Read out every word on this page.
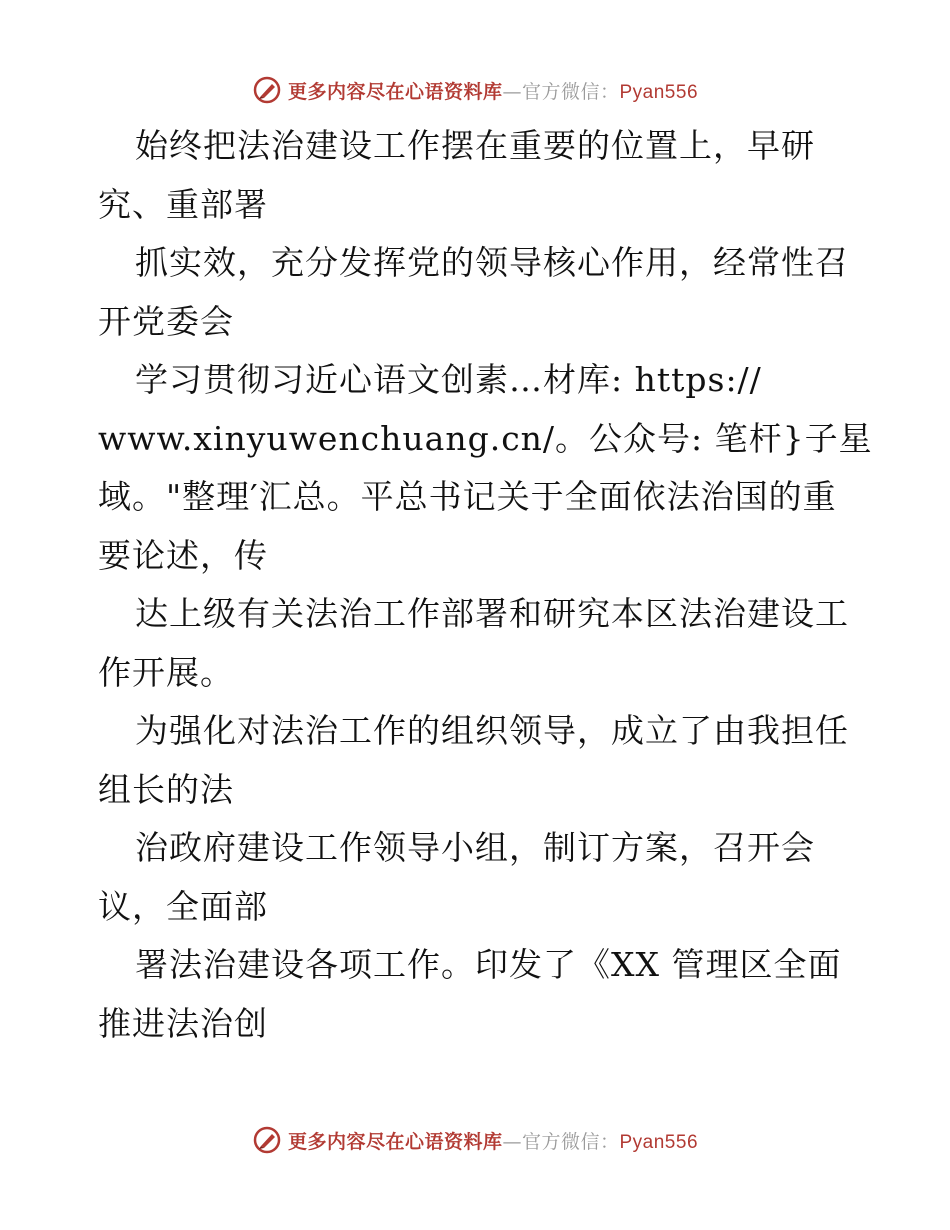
更多内容尽在心语资料库—官方微信：Pyan556
始终把法治建设工作摆在重要的位置上，早研
究、重部署
抓实效，充分发挥党的领导核心作用，经常性召
开党委会
学习贯彻习近心语文创素…材库: https://
www.xinyuwenchuang.cn/。公众号: 笔杆}子星
域。"整理′汇总。平总书记关于全面依法治国的重
要论述，传
达上级有关法治工作部署和研究本区法治建设工
作开展。
为强化对法治工作的组织领导，成立了由我担任
组长的法
治政府建设工作领导小组，制订方案，召开会
议，全面部
署法治建设各项工作。印发了《XX 管理区全面
推进法治创
更多内容尽在心语资料库—官方微信：Pyan556
